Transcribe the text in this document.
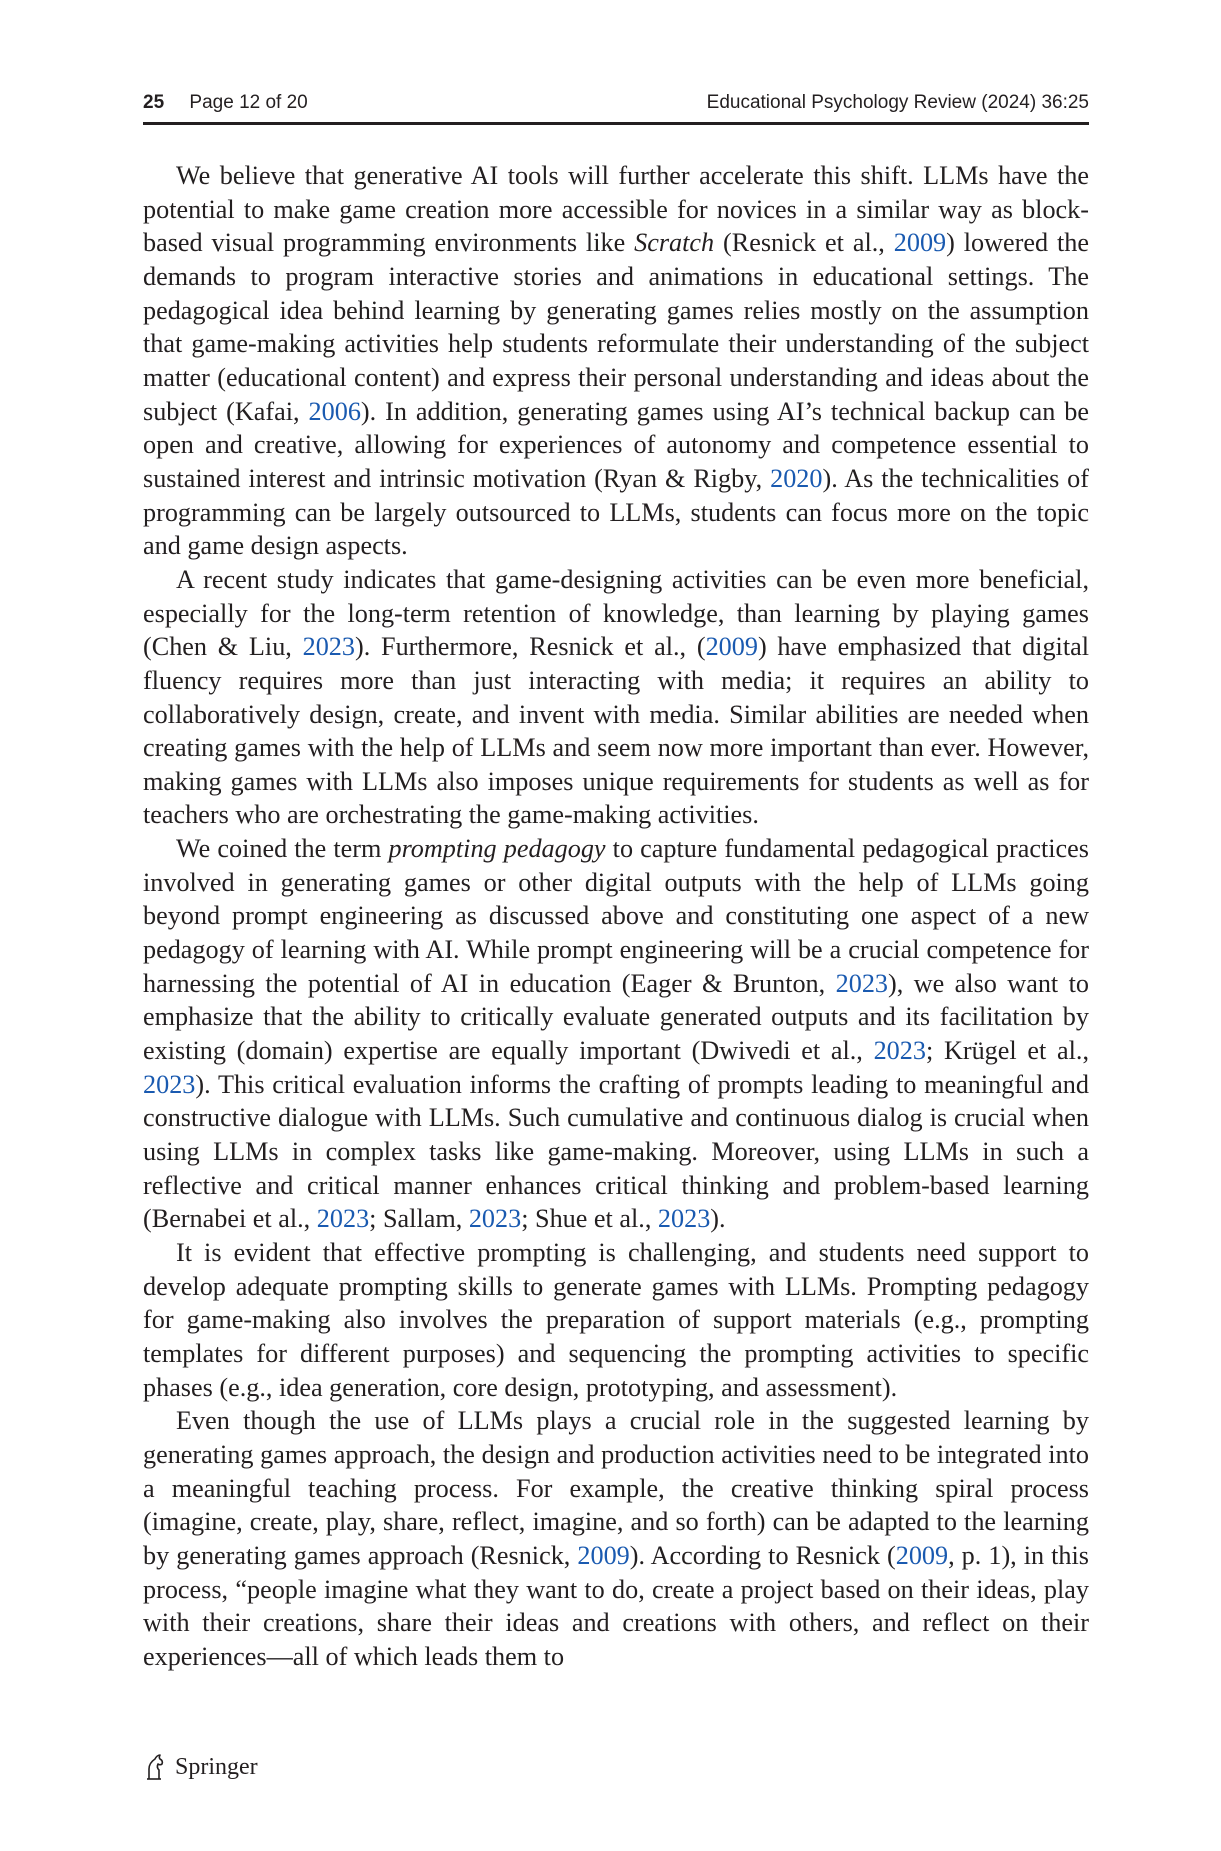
25 Page 12 of 20	Educational Psychology Review (2024) 36:25

We believe that generative AI tools will further accelerate this shift. LLMs have the potential to make game creation more accessible for novices in a similar way as block-based visual programming environments like Scratch (Resnick et al., 2009) lowered the demands to program interactive stories and animations in educational settings. The pedagogical idea behind learning by generating games relies mostly on the assumption that game-making activities help students reformulate their understanding of the subject matter (educational content) and express their personal understanding and ideas about the subject (Kafai, 2006). In addition, generating games using AI’s technical backup can be open and creative, allowing for experiences of autonomy and competence essential to sustained interest and intrinsic motivation (Ryan & Rigby, 2020). As the technicalities of programming can be largely outsourced to LLMs, students can focus more on the topic and game design aspects.

A recent study indicates that game-designing activities can be even more beneficial, especially for the long-term retention of knowledge, than learning by playing games (Chen & Liu, 2023). Furthermore, Resnick et al., (2009) have emphasized that digital fluency requires more than just interacting with media; it requires an ability to collaboratively design, create, and invent with media. Similar abilities are needed when creating games with the help of LLMs and seem now more important than ever. However, making games with LLMs also imposes unique requirements for students as well as for teachers who are orchestrating the game-making activities.

We coined the term prompting pedagogy to capture fundamental pedagogical practices involved in generating games or other digital outputs with the help of LLMs going beyond prompt engineering as discussed above and constituting one aspect of a new pedagogy of learning with AI. While prompt engineering will be a crucial competence for harnessing the potential of AI in education (Eager & Brunton, 2023), we also want to emphasize that the ability to critically evaluate generated outputs and its facilitation by existing (domain) expertise are equally important (Dwivedi et al., 2023; Krügel et al., 2023). This critical evaluation informs the crafting of prompts leading to meaningful and constructive dialogue with LLMs. Such cumulative and continuous dialog is crucial when using LLMs in complex tasks like game-making. Moreover, using LLMs in such a reflective and critical manner enhances critical thinking and problem-based learning (Bernabei et al., 2023; Sallam, 2023; Shue et al., 2023).

It is evident that effective prompting is challenging, and students need support to develop adequate prompting skills to generate games with LLMs. Prompting pedagogy for game-making also involves the preparation of support materials (e.g., prompting templates for different purposes) and sequencing the prompting activities to specific phases (e.g., idea generation, core design, prototyping, and assessment).

Even though the use of LLMs plays a crucial role in the suggested learning by generating games approach, the design and production activities need to be integrated into a meaningful teaching process. For example, the creative thinking spiral process (imagine, create, play, share, reflect, imagine, and so forth) can be adapted to the learning by generating games approach (Resnick, 2009). According to Resnick (2009, p. 1), in this process, “people imagine what they want to do, create a project based on their ideas, play with their creations, share their ideas and creations with others, and reflect on their experiences—all of which leads them to

Springer
